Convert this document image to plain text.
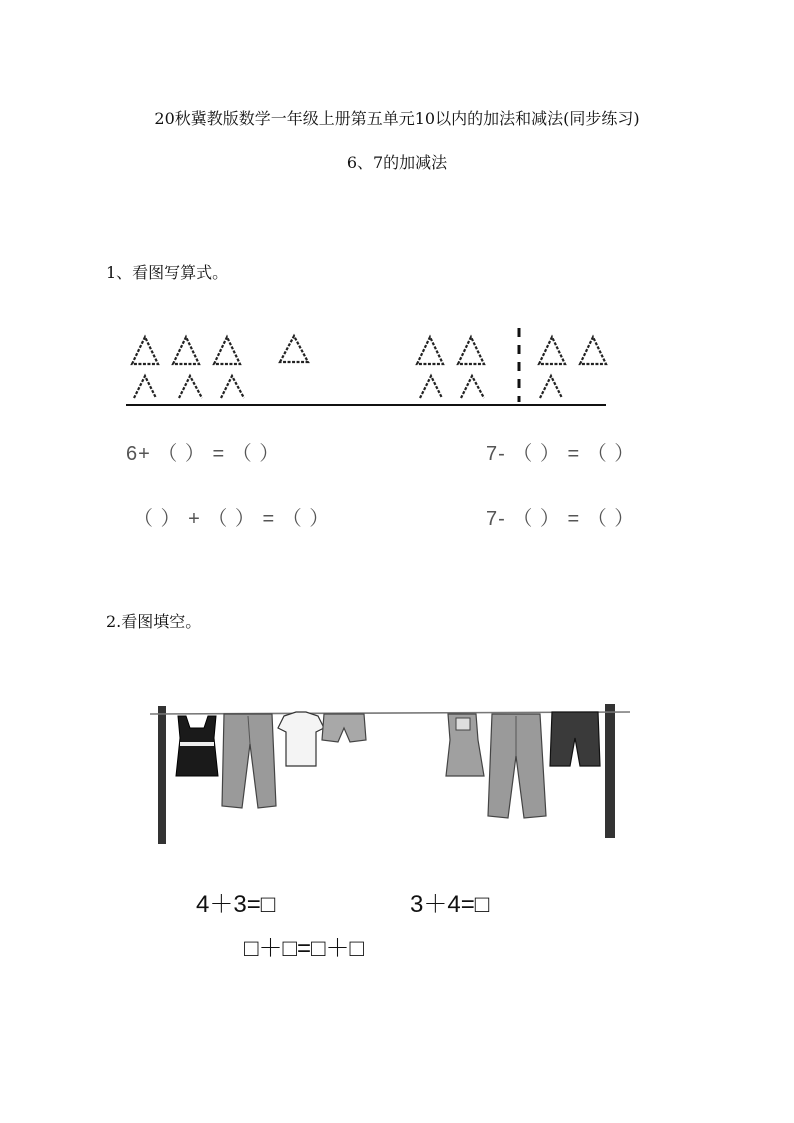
20秋冀教版数学一年级上册第五单元10以内的加法和减法(同步练习)
6、7的加减法
1、看图写算式。
6+ （ ） = （ ）	7- （ ） = （ ）
（ ） + （ ） = （ ）	7- （ ） = （ ）
2.看图填空。
4＋3=□	3＋4=□
□＋□=□＋□
